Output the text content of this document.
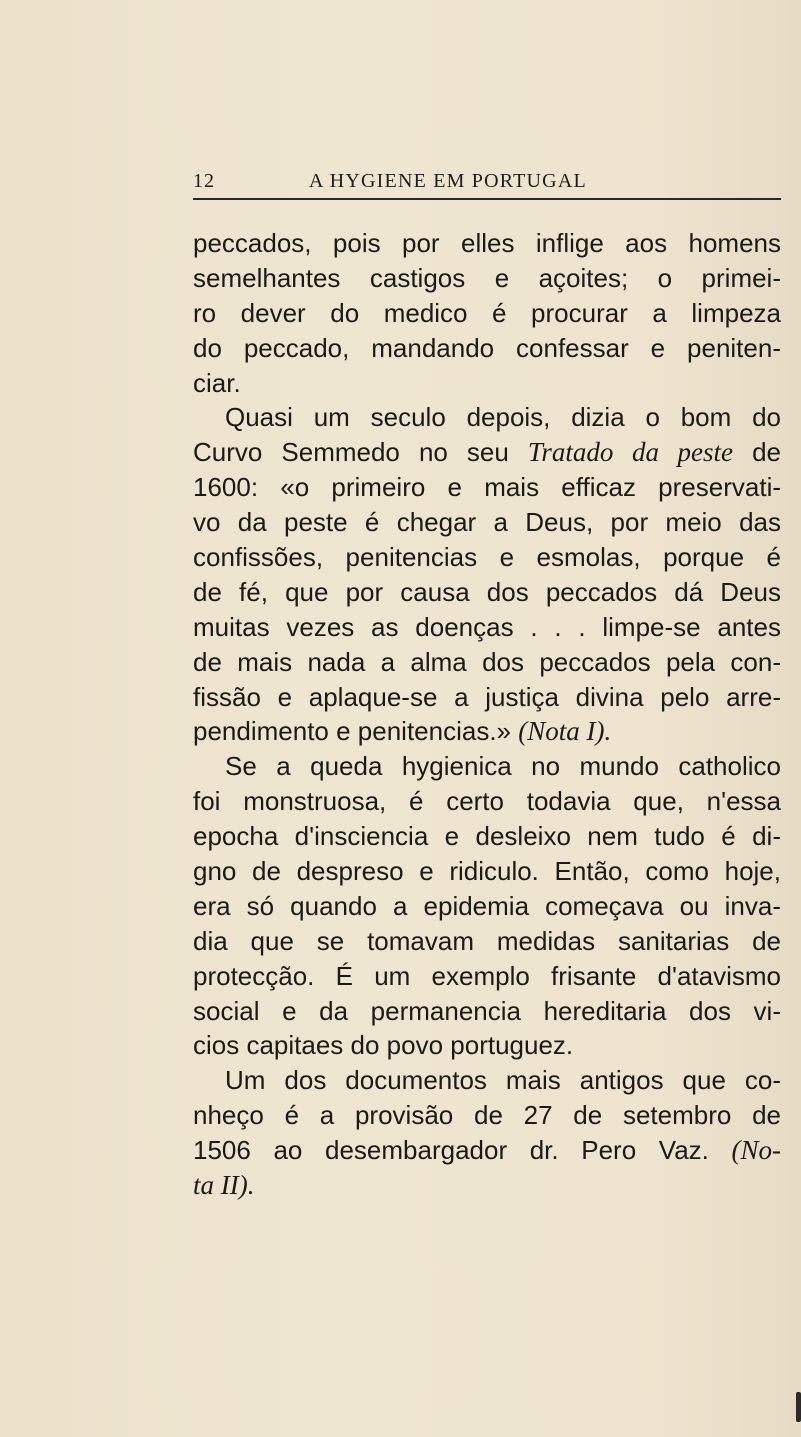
12	A HYGIENE EM PORTUGAL
peccados, pois por elles inflige aos homens
semelhantes castigos e açoites; o primei-
ro dever do medico é procurar a limpeza
do peccado, mandando confessar e peniten-
ciar.
Quasi um seculo depois, dizia o bom do
Curvo Semmedo no seu Tratado da peste de
1600: «o primeiro e mais efficaz preservati-
vo da peste é chegar a Deus, por meio das
confissões, penitencias e esmolas, porque é
de fé, que por causa dos peccados dá Deus
muitas vezes as doenças . . . limpe-se antes
de mais nada a alma dos peccados pela con-
fissão e aplaque-se a justiça divina pelo arre-
pendimento e penitencias.» (Nota I).
Se a queda hygienica no mundo catholico
foi monstruosa, é certo todavia que, n'essa
epocha d'insciencia e desleixo nem tudo é di-
gno de despreso e ridiculo. Então, como hoje,
era só quando a epidemia começava ou inva-
dia que se tomavam medidas sanitarias de
protecção. É um exemplo frisante d'atavismo
social e da permanencia hereditaria dos vi-
cios capitaes do povo portuguez.
Um dos documentos mais antigos que co-
nheço é a provisão de 27 de setembro de
1506 ao desembargador dr. Pero Vaz. (No-
ta II).
